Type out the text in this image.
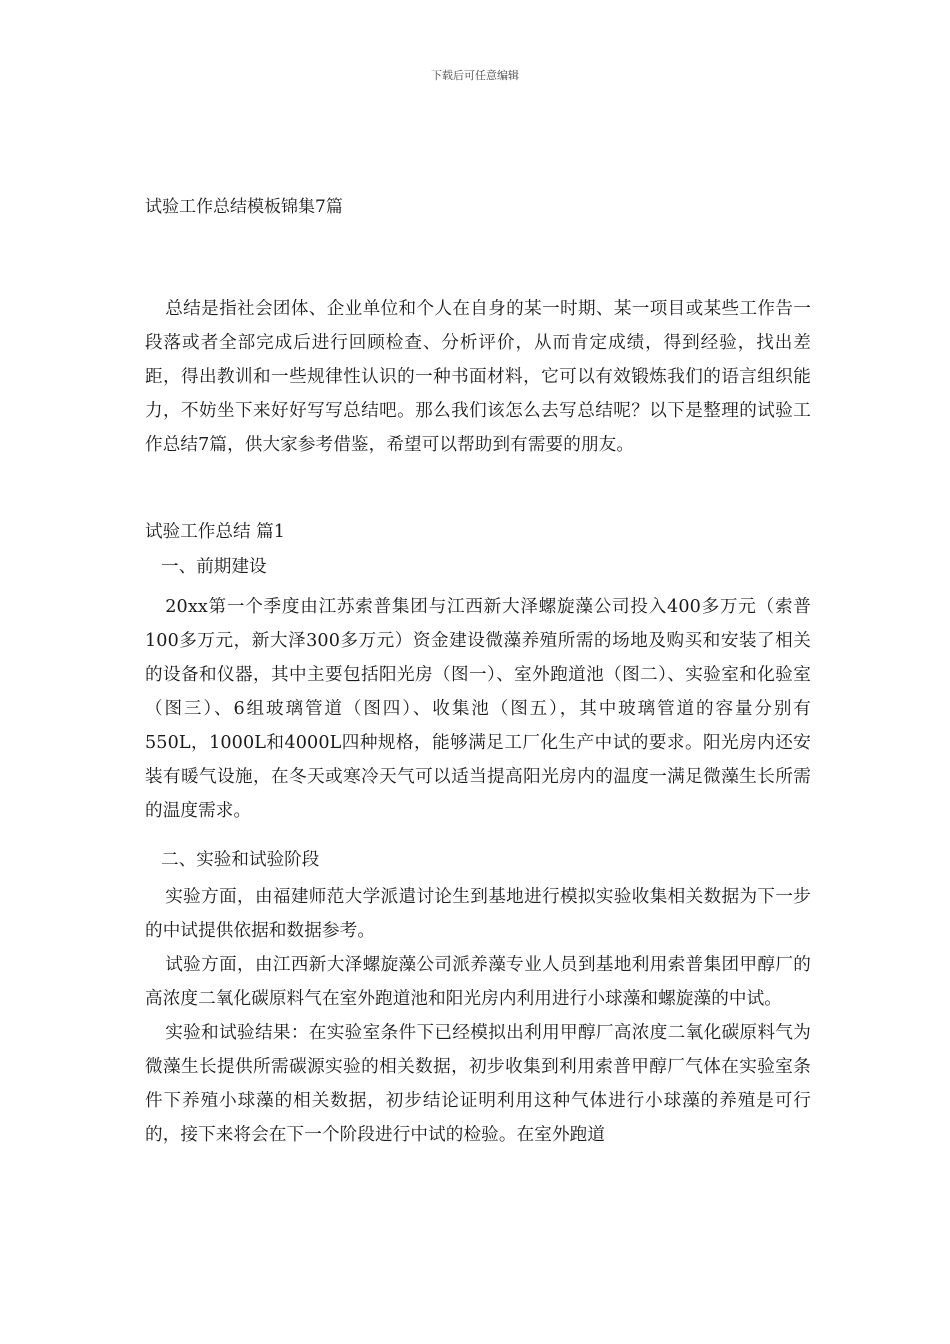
下载后可任意编辑
试验工作总结模板锦集7篇

总结是指社会团体、企业单位和个人在自身的某一时期、某一项目或某些工作告一段落或者全部完成后进行回顾检查、分析评价，从而肯定成绩，得到经验，找出差距，得出教训和一些规律性认识的一种书面材料，它可以有效锻炼我们的语言组织能力，不妨坐下来好好写写总结吧。那么我们该怎么去写总结呢？以下是整理的试验工作总结7篇，供大家参考借鉴，希望可以帮助到有需要的朋友。

试验工作总结 篇1
一、前期建设

20xx第一个季度由江苏索普集团与江西新大泽螺旋藻公司投入400多万元（索普100多万元，新大泽300多万元）资金建设微藻养殖所需的场地及购买和安装了相关的设备和仪器，其中主要包括阳光房（图一）、室外跑道池（图二）、实验室和化验室（图三）、6组玻璃管道（图四）、收集池（图五），其中玻璃管道的容量分别有550L，1000L和4000L四种规格，能够满足工厂化生产中试的要求。阳光房内还安装有暖气设施，在冬天或寒冷天气可以适当提高阳光房内的温度一满足微藻生长所需的温度需求。

二、实验和试验阶段

实验方面，由福建师范大学派遣讨论生到基地进行模拟实验收集相关数据为下一步的中试提供依据和数据参考。

试验方面，由江西新大泽螺旋藻公司派养藻专业人员到基地利用索普集团甲醇厂的高浓度二氧化碳原料气在室外跑道池和阳光房内利用进行小球藻和螺旋藻的中试。

实验和试验结果：在实验室条件下已经模拟出利用甲醇厂高浓度二氧化碳原料气为微藻生长提供所需碳源实验的相关数据，初步收集到利用索普甲醇厂气体在实验室条件下养殖小球藻的相关数据，初步结论证明利用这种气体进行小球藻的养殖是可行的，接下来将会在下一个阶段进行中试的检验。在室外跑道
